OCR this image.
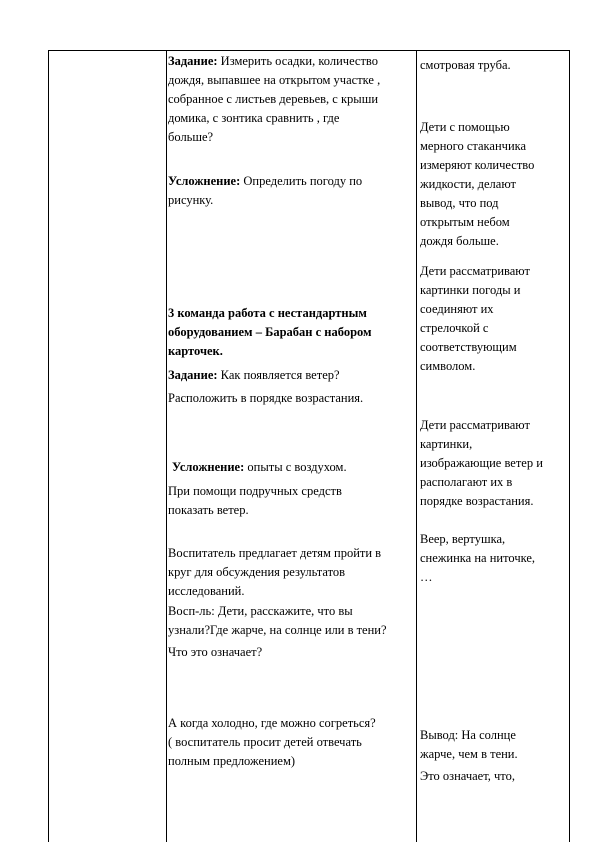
Задание: Измерить осадки, количество
дождя, выпавшее на открытом участке ,
собранное с листьев деревьев, с крыши
домика, с зонтика сравнить , где
больше?
Усложнение: Определить погоду по
рисунку.
3 команда работа с нестандартным
оборудованием – Барабан с набором
карточек.
Задание: Как появляется ветер?
Расположить в порядке возрастания.
Усложнение: опыты с воздухом.
При помощи подручных средств
показать ветер.
Воспитатель предлагает детям пройти в
круг для обсуждения результатов
исследований.
Восп-ль: Дети, расскажите, что вы
узнали?Где жарче, на солнце или в тени?
Что это означает?
А когда холодно, где можно согреться?
( воспитатель просит детей отвечать
полным предложением)
смотровая труба.
Дети с помощью
мерного стаканчика
измеряют количество
жидкости, делают
вывод, что под
открытым небом
дождя больше.
Дети рассматривают
картинки погоды и
соединяют их
стрелочкой с
соответствующим
символом.
Дети рассматривают
картинки,
изображающие ветер и
располагают их в
порядке возрастания.
Веер, вертушка,
снежинка на ниточке,
…
Вывод: На солнце
жарче, чем в тени.
Это означает, что,
